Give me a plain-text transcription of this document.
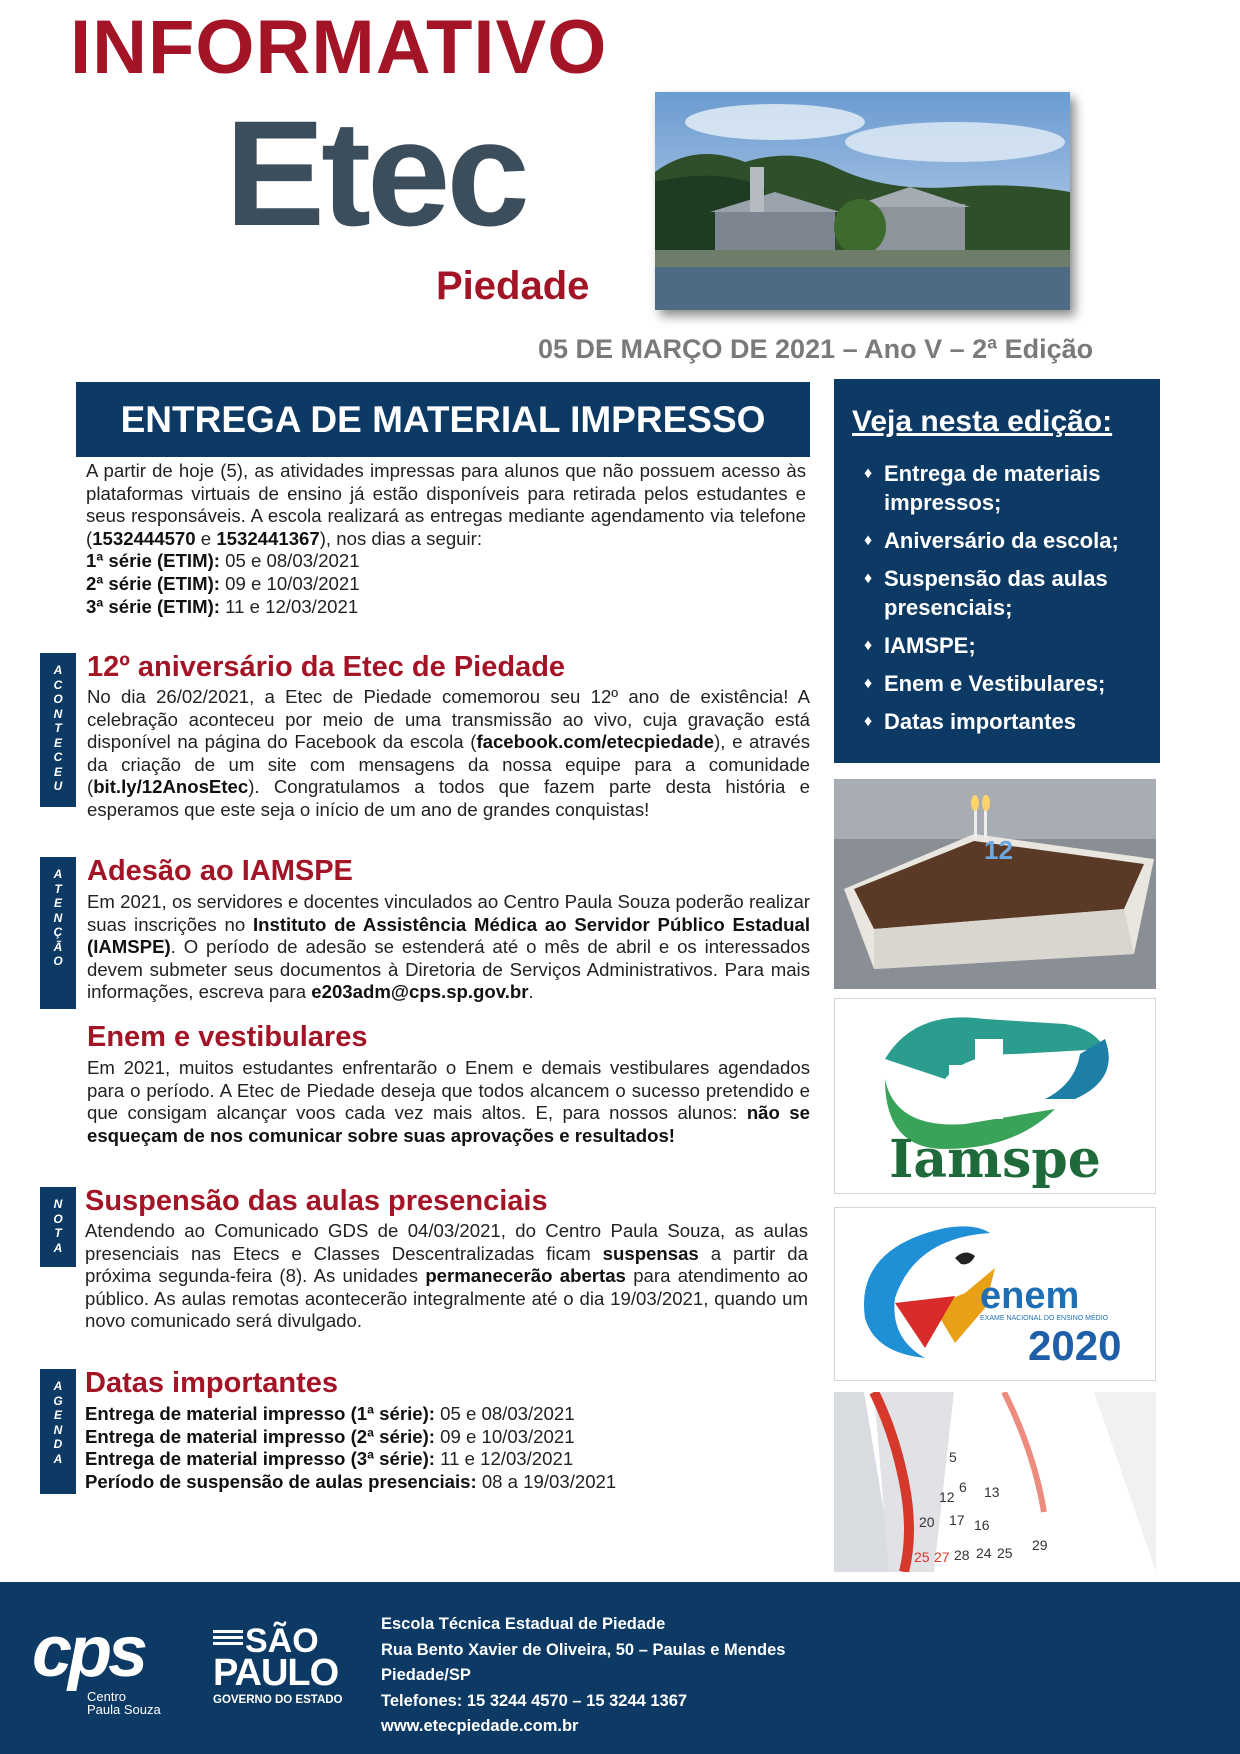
INFORMATIVO
Etec
Piedade
05 DE MARÇO DE 2021 – Ano V – 2ª Edição
ENTREGA DE MATERIAL IMPRESSO
A partir de hoje (5), as atividades impressas para alunos que não possuem acesso às plataformas virtuais de ensino já estão disponíveis para retirada pelos estudantes e seus responsáveis. A escola realizará as entregas mediante agendamento via telefone (1532444570 e 1532441367), nos dias a seguir:
1ª série (ETIM): 05 e 08/03/2021
2ª série (ETIM): 09 e 10/03/2021
3ª série (ETIM): 11 e 12/03/2021
A
C
O
N
T
E
C
E
U
12º aniversário da Etec de Piedade
No dia 26/02/2021, a Etec de Piedade comemorou seu 12º ano de existência! A celebração aconteceu por meio de uma transmissão ao vivo, cuja gravação está disponível na página do Facebook da escola (facebook.com/etecpiedade), e através da criação de um site com mensagens da nossa equipe para a comunidade (bit.ly/12AnosEtec). Congratulamos a todos que fazem parte desta história e esperamos que este seja o início de um ano de grandes conquistas!
A
T
E
N
Ç
Ã
O
Adesão ao IAMSPE
Em 2021, os servidores e docentes vinculados ao Centro Paula Souza poderão realizar suas inscrições no Instituto de Assistência Médica ao Servidor Público Estadual (IAMSPE). O período de adesão se estenderá até o mês de abril e os interessados devem submeter seus documentos à Diretoria de Serviços Administrativos. Para mais informações, escreva para e203adm@cps.sp.gov.br.
Enem e vestibulares
Em 2021, muitos estudantes enfrentarão o Enem e demais vestibulares agendados para o período. A Etec de Piedade deseja que todos alcancem o sucesso pretendido e que consigam alcançar voos cada vez mais altos. E, para nossos alunos: não se esqueçam de nos comunicar sobre suas aprovações e resultados!
N
O
T
A
Suspensão das aulas presenciais
Atendendo ao Comunicado GDS de 04/03/2021, do Centro Paula Souza, as aulas presenciais nas Etecs e Classes Descentralizadas ficam suspensas a partir da próxima segunda-feira (8). As unidades permanecerão abertas para atendimento ao público. As aulas remotas acontecerão integralmente até o dia 19/03/2021, quando um novo comunicado será divulgado.
A
G
E
N
D
A
Datas importantes
Entrega de material impresso (1ª série): 05 e 08/03/2021
Entrega de material impresso (2ª série): 09 e 10/03/2021
Entrega de material impresso (3ª série): 11 e 12/03/2021
Período de suspensão de aulas presenciais: 08 a 19/03/2021
Veja nesta edição:
♦ Entrega de materiais impressos;
♦ Aniversário da escola;
♦ Suspensão das aulas presenciais;
♦ IAMSPE;
♦ Enem e Vestibulares;
♦ Datas importantes
12
Iamspe
enem
EXAME NACIONAL DO ENSINO MÉDIO
2020
5
6 13
12
20 17 16
25 27 28 24 25 29
cps
Centro
Paula Souza
SÃO
PAULO
GOVERNO DO ESTADO
Escola Técnica Estadual de Piedade
Rua Bento Xavier de Oliveira, 50 – Paulas e Mendes
Piedade/SP
Telefones: 15 3244 4570 – 15 3244 1367
www.etecpiedade.com.br
